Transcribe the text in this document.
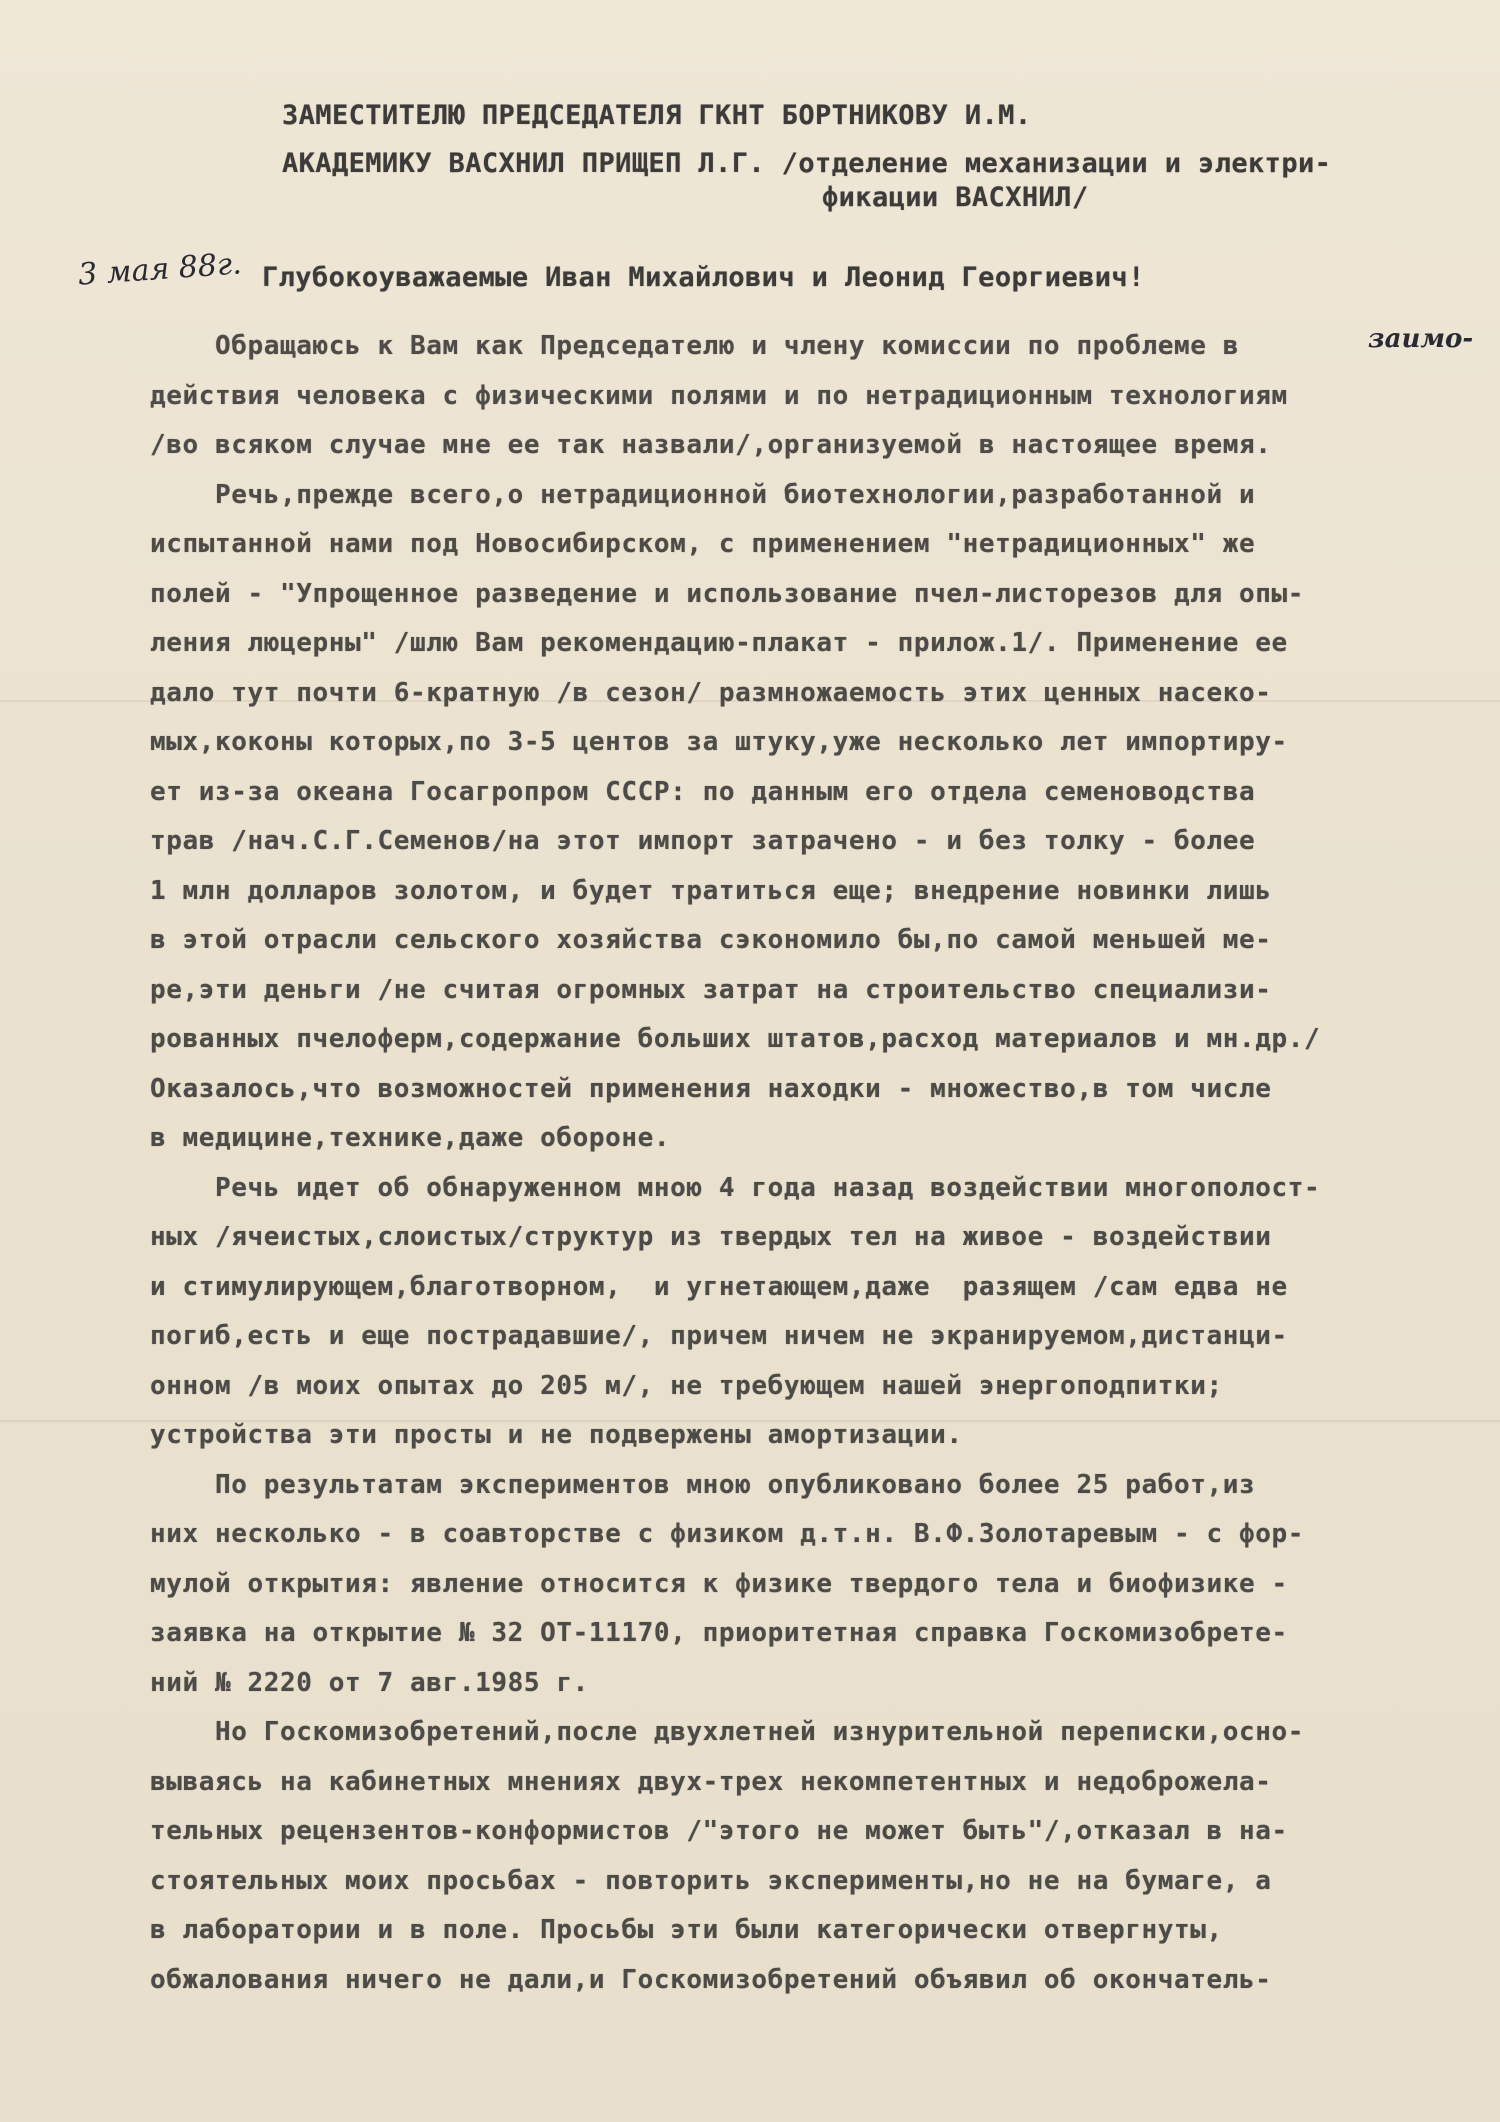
ЗАМЕСТИТЕЛЮ ПРЕДСЕДАТЕЛЯ ГКНТ БОРТНИКОВУ И.М.
АКАДЕМИКУ ВАСХНИЛ ПРИЩЕП Л.Г. /отделение механизации и электри-
фикации ВАСХНИЛ/
3 мая 88г. Глубокоуважаемые Иван Михайлович и Леонид Георгиевич!
заимо-
Обращаюсь к Вам как Председателю и члену комиссии по проблеме в
действия человека с физическими полями и по нетрадиционным технологиям
/во всяком случае мне ее так назвали/,организуемой в настоящее время.
Речь,прежде всего,о нетрадиционной биотехнологии,разработанной и
испытанной нами под Новосибирском, с применением "нетрадиционных" же
полей - "Упрощенное разведение и использование пчел-листорезов для опы-
ления люцерны" /шлю Вам рекомендацию-плакат - прилож.1/. Применение ее
дало тут почти 6-кратную /в сезон/ размножаемость этих ценных насеко-
мых,коконы которых,по 3-5 центов за штуку,уже несколько лет импортиру-
ет из-за океана Госагропром СССР: по данным его отдела семеноводства
трав /нач.С.Г.Семенов/на этот импорт затрачено - и без толку - более
1 млн долларов золотом, и будет тратиться еще; внедрение новинки лишь
в этой отрасли сельского хозяйства сэкономило бы,по самой меньшей ме-
ре,эти деньги /не считая огромных затрат на строительство специализи-
рованных пчелоферм,содержание больших штатов,расход материалов и мн.др./
Оказалось,что возможностей применения находки - множество,в том числе
в медицине,технике,даже обороне.
Речь идет об обнаруженном мною 4 года назад воздействии многополост-
ных /ячеистых,слоистых/структур из твердых тел на живое - воздействии
и стимулирующем,благотворном,  и угнетающем,даже  разящем /сам едва не
погиб,есть и еще пострадавшие/, причем ничем не экранируемом,дистанци-
онном /в моих опытах до 205 м/, не требующем нашей энергоподпитки;
устройства эти просты и не подвержены амортизации.
По результатам экспериментов мною опубликовано более 25 работ,из
них несколько - в соавторстве с физиком д.т.н. В.Ф.Золотаревым - с фор-
мулой открытия: явление относится к физике твердого тела и биофизике -
заявка на открытие № 32 ОТ-11170, приоритетная справка Госкомизобрете-
ний № 2220 от 7 авг.1985 г.
Но Госкомизобретений,после двухлетней изнурительной переписки,осно-
вываясь на кабинетных мнениях двух-трех некомпетентных и недоброжела-
тельных рецензентов-конформистов /"этого не может быть"/,отказал в на-
стоятельных моих просьбах - повторить эксперименты,но не на бумаге, а
в лаборатории и в поле. Просьбы эти были категорически отвергнуты,
обжалования ничего не дали,и Госкомизобретений объявил об окончатель-
